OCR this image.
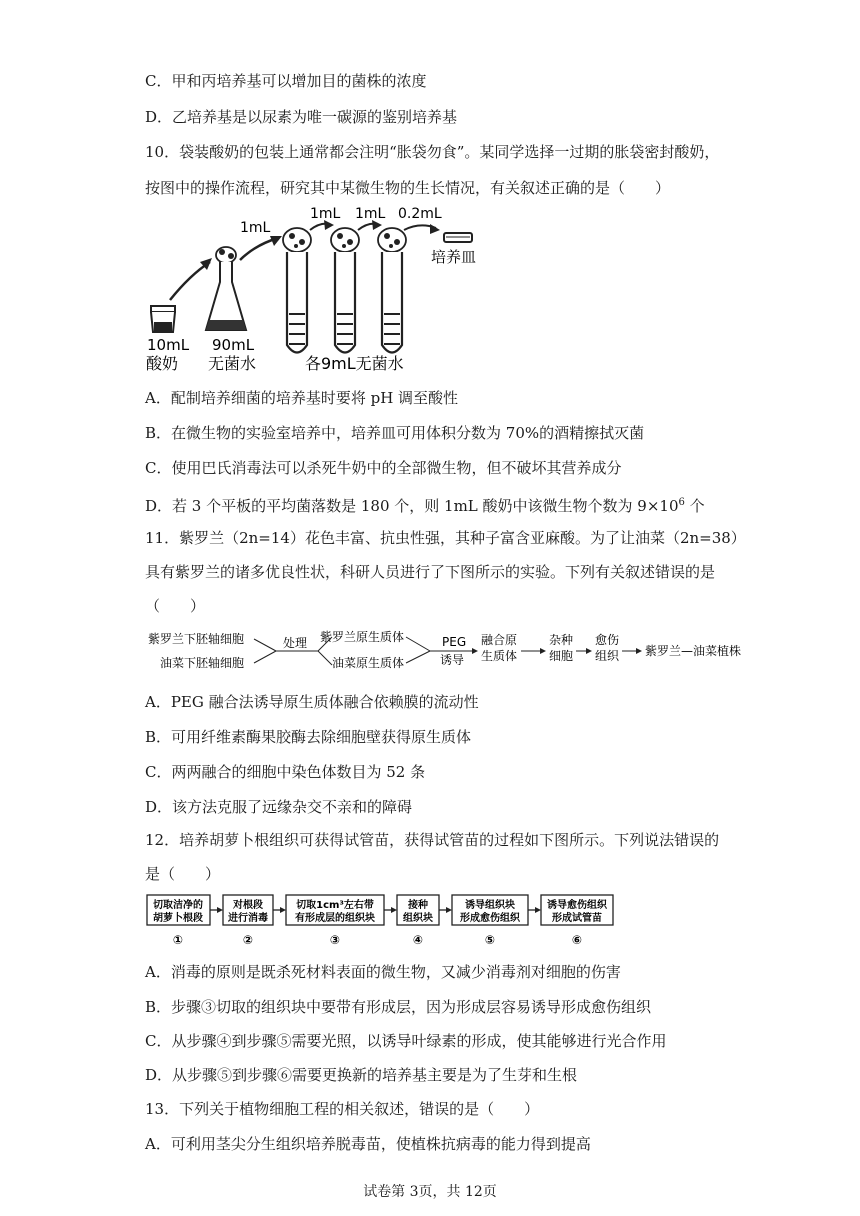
C．甲和丙培养基可以增加目的菌株的浓度
D．乙培养基是以尿素为唯一碳源的鉴别培养基
10．袋装酸奶的包装上通常都会注明“胀袋勿食”。某同学选择一过期的胀袋密封酸奶，
按图中的操作流程，研究其中某微生物的生长情况，有关叙述正确的是（　　）
10mL
酸奶
90mL
无菌水
1mL
1mL 1mL 0.2mL
培养皿
各9mL无菌水
A．配制培养细菌的培养基时要将 pH 调至酸性
B．在微生物的实验室培养中，培养皿可用体积分数为 70%的酒精擦拭灭菌
C．使用巴氏消毒法可以杀死牛奶中的全部微生物，但不破坏其营养成分
D．若 3 个平板的平均菌落数是 180 个，则 1mL 酸奶中该微生物个数为 $9\times 10^6$ 个
11．紫罗兰（2n=14）花色丰富、抗虫性强，其种子富含亚麻酸。为了让油菜（2n=38）
具有紫罗兰的诸多优良性状，科研人员进行了下图所示的实验。下列有关叙述错误的是
（　　）
紫罗兰下胚轴细胞
油菜下胚轴细胞
处理 紫罗兰原生质体
油菜原生质体
PEG
诱导
融合原
生质体
杂种
细胞
愈伤
组织 紫罗兰—油菜植株
A．PEG 融合法诱导原生质体融合依赖膜的流动性
B．可用纤维素酶果胶酶去除细胞壁获得原生质体
C．两两融合的细胞中染色体数目为 52 条
D．该方法克服了远缘杂交不亲和的障碍
12．培养胡萝卜根组织可获得试管苗，获得试管苗的过程如下图所示。下列说法错误的
是（　　）
切取洁净的
胡萝卜根段
①
对根段
进行消毒
②
切取1cm³左右带
有形成层的组织块
③
接种
组织块
④
诱导组织块
形成愈伤组织
⑤
诱导愈伤组织
形成试管苗
⑥
A．消毒的原则是既杀死材料表面的微生物，又减少消毒剂对细胞的伤害
B．步骤③切取的组织块中要带有形成层，因为形成层容易诱导形成愈伤组织
C．从步骤④到步骤⑤需要光照，以诱导叶绿素的形成，使其能够进行光合作用
D．从步骤⑤到步骤⑥需要更换新的培养基主要是为了生芽和生根
13．下列关于植物细胞工程的相关叙述，错误的是（　　）
A．可利用茎尖分生组织培养脱毒苗，使植株抗病毒的能力得到提高
试卷第 3页，共 12页
